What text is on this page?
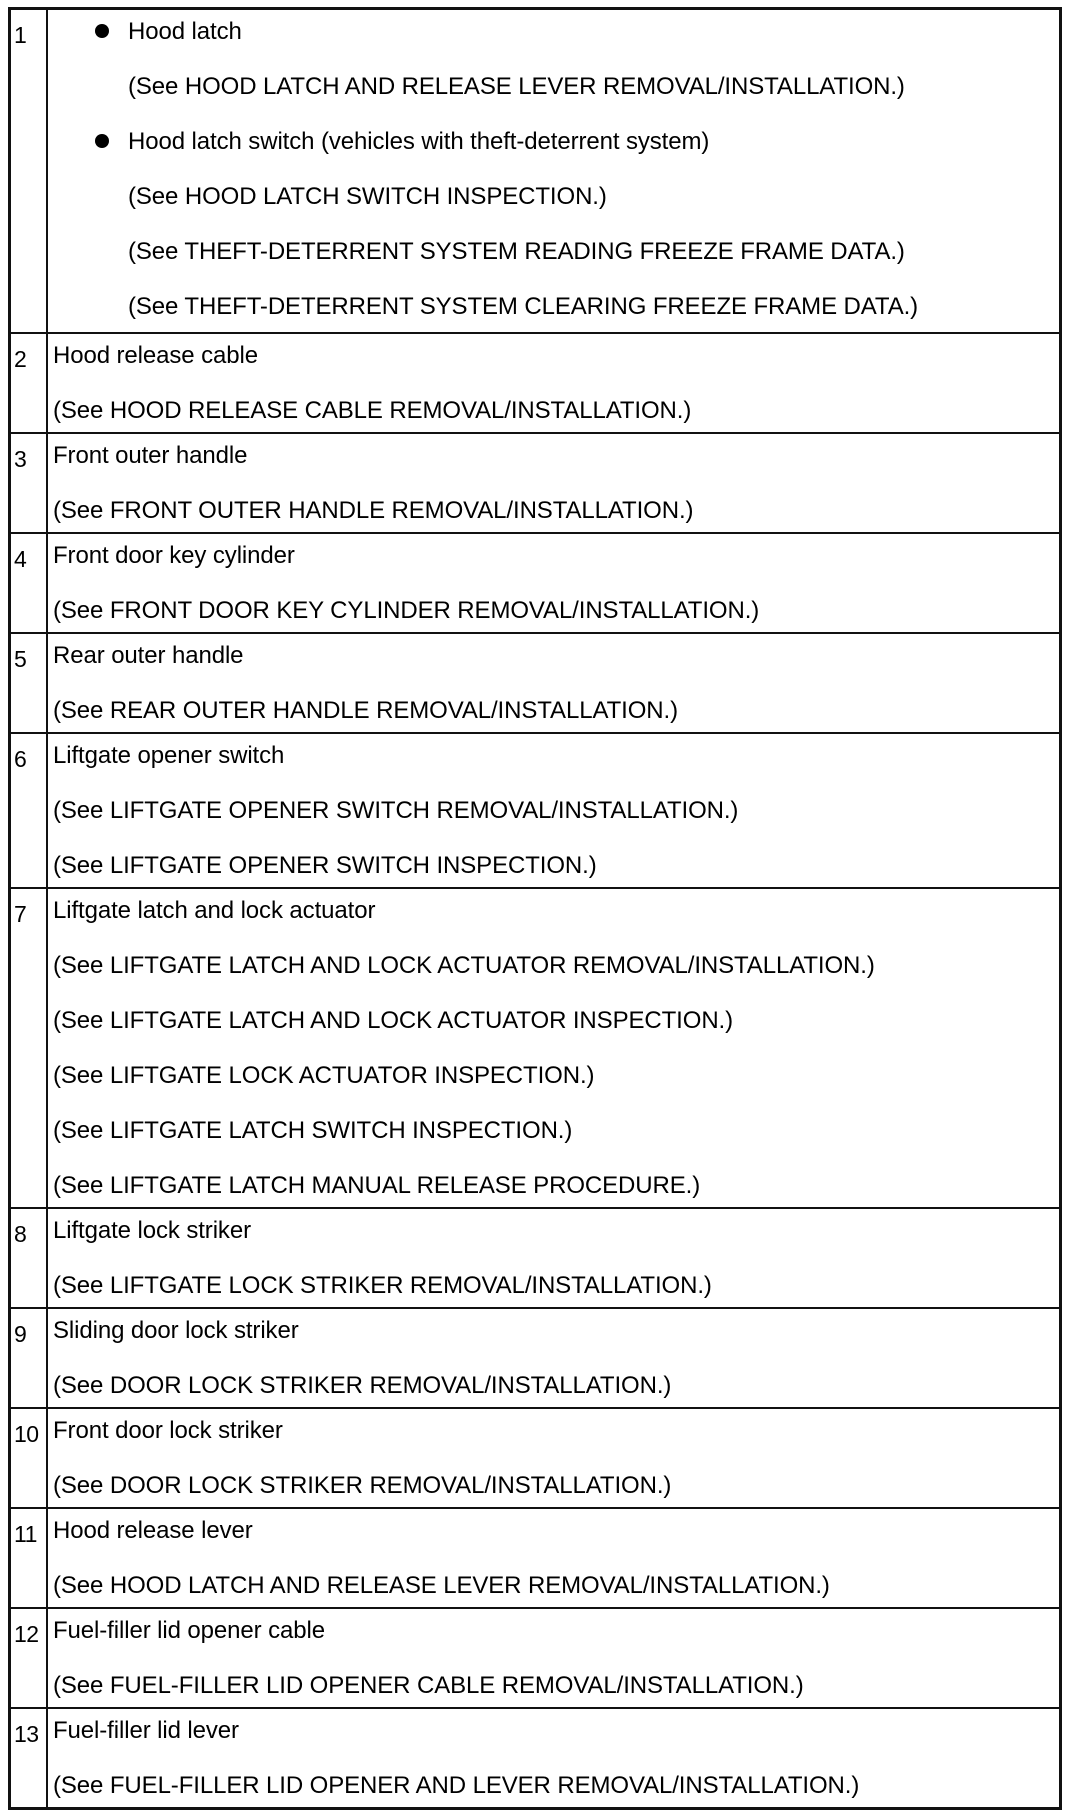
1	Hood latch
(See HOOD LATCH AND RELEASE LEVER REMOVAL/INSTALLATION.)
Hood latch switch (vehicles with theft-deterrent system)
(See HOOD LATCH SWITCH INSPECTION.)
(See THEFT-DETERRENT SYSTEM READING FREEZE FRAME DATA.)
(See THEFT-DETERRENT SYSTEM CLEARING FREEZE FRAME DATA.)
2	Hood release cable
(See HOOD RELEASE CABLE REMOVAL/INSTALLATION.)
3	Front outer handle
(See FRONT OUTER HANDLE REMOVAL/INSTALLATION.)
4	Front door key cylinder
(See FRONT DOOR KEY CYLINDER REMOVAL/INSTALLATION.)
5	Rear outer handle
(See REAR OUTER HANDLE REMOVAL/INSTALLATION.)
6	Liftgate opener switch
(See LIFTGATE OPENER SWITCH REMOVAL/INSTALLATION.)
(See LIFTGATE OPENER SWITCH INSPECTION.)
7	Liftgate latch and lock actuator
(See LIFTGATE LATCH AND LOCK ACTUATOR REMOVAL/INSTALLATION.)
(See LIFTGATE LATCH AND LOCK ACTUATOR INSPECTION.)
(See LIFTGATE LOCK ACTUATOR INSPECTION.)
(See LIFTGATE LATCH SWITCH INSPECTION.)
(See LIFTGATE LATCH MANUAL RELEASE PROCEDURE.)
8	Liftgate lock striker
(See LIFTGATE LOCK STRIKER REMOVAL/INSTALLATION.)
9	Sliding door lock striker
(See DOOR LOCK STRIKER REMOVAL/INSTALLATION.)
10 Front door lock striker
(See DOOR LOCK STRIKER REMOVAL/INSTALLATION.)
11 Hood release lever
(See HOOD LATCH AND RELEASE LEVER REMOVAL/INSTALLATION.)
12 Fuel-filler lid opener cable
(See FUEL-FILLER LID OPENER CABLE REMOVAL/INSTALLATION.)
13 Fuel-filler lid lever
(See FUEL-FILLER LID OPENER AND LEVER REMOVAL/INSTALLATION.)
